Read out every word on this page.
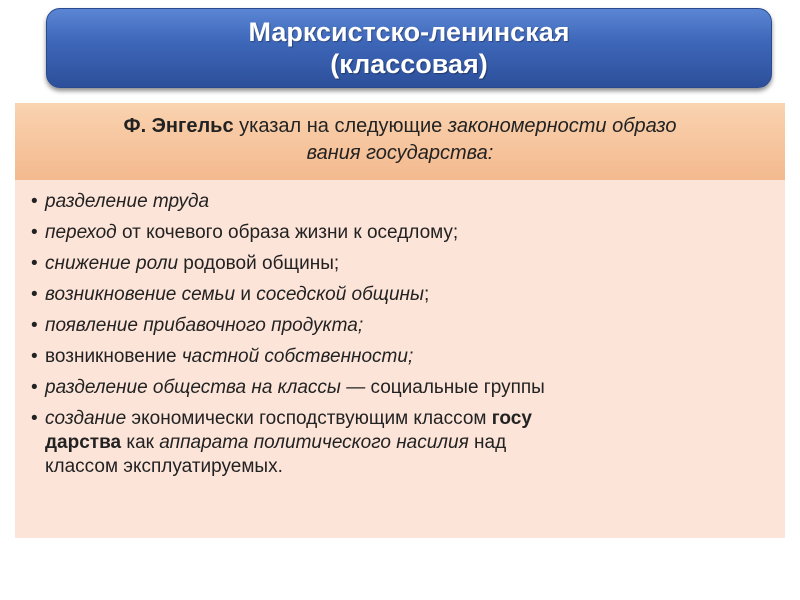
Марксистско-ленинская
(классовая)
Ф. Энгельс указал на следующие закономерности образо
вания государства:
• разделение труда
• переход от кочевого образа жизни к оседлому;
• снижение роли родовой общины;
• возникновение семьи и соседской общины;
• появление прибавочного продукта;
• возникновение частной собственности;
• разделение общества на классы — социальные группы
• создание экономически господствующим классом госу
дарства как аппарата политического насилия над
классом эксплуатируемых.
